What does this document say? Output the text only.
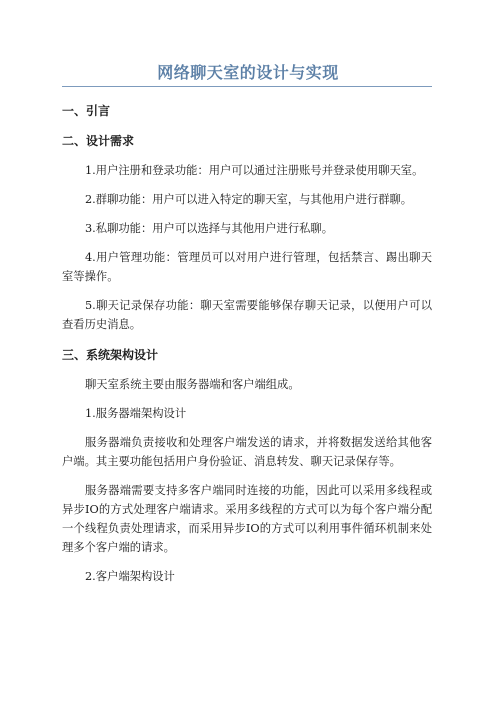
网络聊天室的设计与实现
一、引言
二、设计需求

1.用户注册和登录功能：用户可以通过注册账号并登录使用聊天室。

2.群聊功能：用户可以进入特定的聊天室，与其他用户进行群聊。

3.私聊功能：用户可以选择与其他用户进行私聊。

4.用户管理功能：管理员可以对用户进行管理，包括禁言、踢出聊天室等操作。

5.聊天记录保存功能：聊天室需要能够保存聊天记录，以便用户可以查看历史消息。

三、系统架构设计

聊天室系统主要由服务器端和客户端组成。

1.服务器端架构设计

服务器端负责接收和处理客户端发送的请求，并将数据发送给其他客户端。其主要功能包括用户身份验证、消息转发、聊天记录保存等。

服务器端需要支持多客户端同时连接的功能，因此可以采用多线程或异步IO的方式处理客户端请求。采用多线程的方式可以为每个客户端分配一个线程负责处理请求，而采用异步IO的方式可以利用事件循环机制来处理多个客户端的请求。

2.客户端架构设计
